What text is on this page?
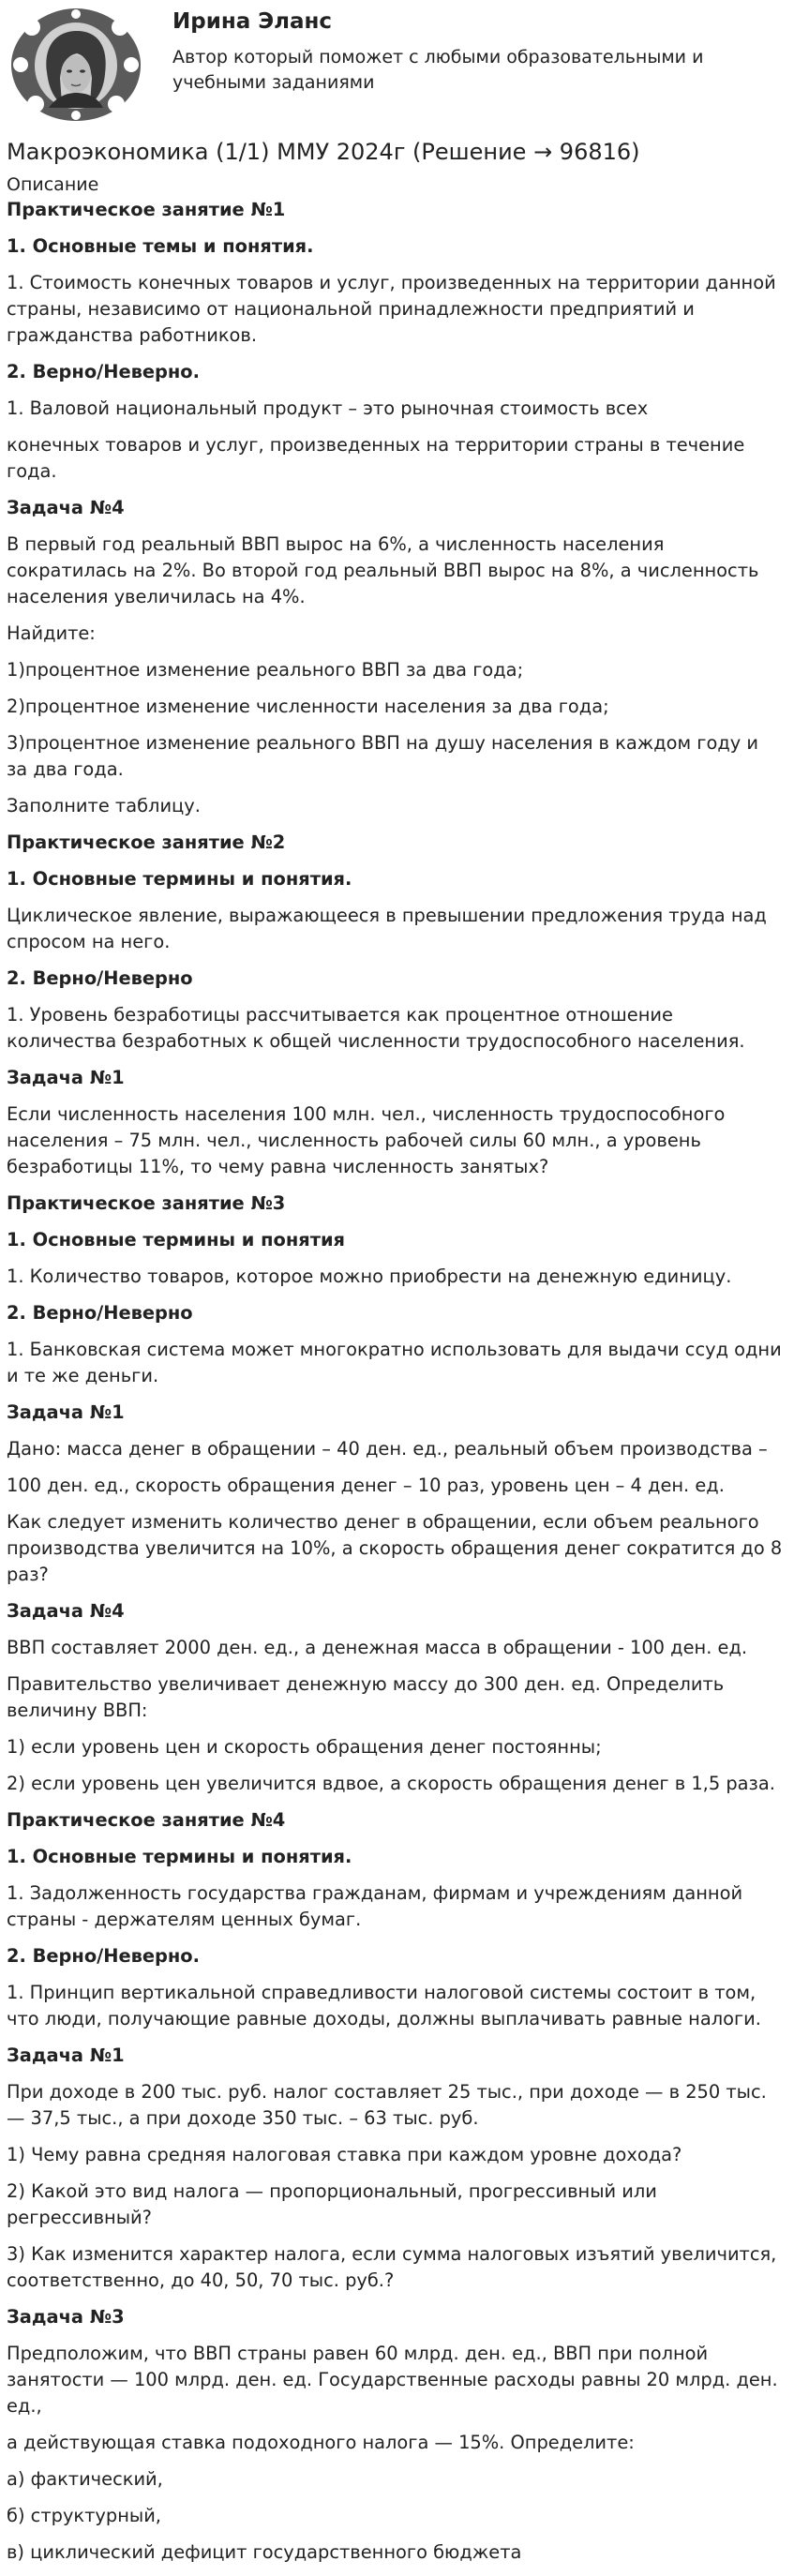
Ирина Эланс
Автор который поможет с любыми образовательными и учебными заданиями
Макроэкономика (1/1) ММУ 2024г (Решение → 96816)
Описание

Практическое занятие №1

1. Основные темы и понятия.

1. Стоимость конечных товаров и услуг, произведенных на территории данной страны, независимо от национальной принадлежности предприятий и гражданства работников.

2. Верно/Неверно.

1. Валовой национальный продукт – это рыночная стоимость всех

конечных товаров и услуг, произведенных на территории страны в течение года.

Задача №4

В первый год реальный ВВП вырос на 6%, а численность населения сократилась на 2%. Во второй год реальный ВВП вырос на 8%, а численность населения увеличилась на 4%.

Найдите:

1)процентное изменение реального ВВП за два года;

2)процентное изменение численности населения за два года;

3)процентное изменение реального ВВП на душу населения в каждом году и за два года.

Заполните таблицу.

Практическое занятие №2

1. Основные термины и понятия.

Циклическое явление, выражающееся в превышении предложения труда над спросом на него.

2. Верно/Неверно

1. Уровень безработицы рассчитывается как процентное отношение количества безработных к общей численности трудоспособного населения.

Задача №1

Если численность населения 100 млн. чел., численность трудоспособного населения – 75 млн. чел., численность рабочей силы 60 млн., а уровень безработицы 11%, то чему равна численность занятых?

Практическое занятие №3

1. Основные термины и понятия

1. Количество товаров, которое можно приобрести на денежную единицу.

2. Верно/Неверно

1. Банковская система может многократно использовать для выдачи ссуд одни и те же деньги.

Задача №1

Дано: масса денег в обращении – 40 ден. ед., реальный объем производства –

100 ден. ед., скорость обращения денег – 10 раз, уровень цен – 4 ден. ед.

Как следует изменить количество денег в обращении, если объем реального производства увеличится на 10%, а скорость обращения денег сократится до 8 раз?

Задача №4

ВВП составляет 2000 ден. ед., а денежная масса в обращении - 100 ден. ед.

Правительство увеличивает денежную массу до 300 ден. ед. Определить величину ВВП:

1) если уровень цен и скорость обращения денег постоянны;

2) если уровень цен увеличится вдвое, а скорость обращения денег в 1,5 раза.

Практическое занятие №4

1. Основные термины и понятия.

1. Задолженность государства гражданам, фирмам и учреждениям данной страны - держателям ценных бумаг.

2. Верно/Неверно.

1. Принцип вертикальной справедливости налоговой системы состоит в том, что люди, получающие равные доходы, должны выплачивать равные налоги.

Задача №1

При доходе в 200 тыс. руб. налог составляет 25 тыс., при доходе — в 250 тыс. — 37,5 тыс., а при доходе 350 тыс. – 63 тыс. руб.

1) Чему равна средняя налоговая ставка при каждом уровне дохода?

2) Какой это вид налога — пропорциональный, прогрессивный или регрессивный?

3) Как изменится характер налога, если сумма налоговых изъятий увеличится, соответственно, до 40, 50, 70 тыс. руб.?

Задача №3

Предположим, что ВВП страны равен 60 млрд. ден. ед., ВВП при полной занятости — 100 млрд. ден. ед. Государственные расходы равны 20 млрд. ден. ед.,

а действующая ставка подоходного налога — 15%. Определите:

а) фактический,

б) структурный,

в) циклический дефицит государственного бюджета
